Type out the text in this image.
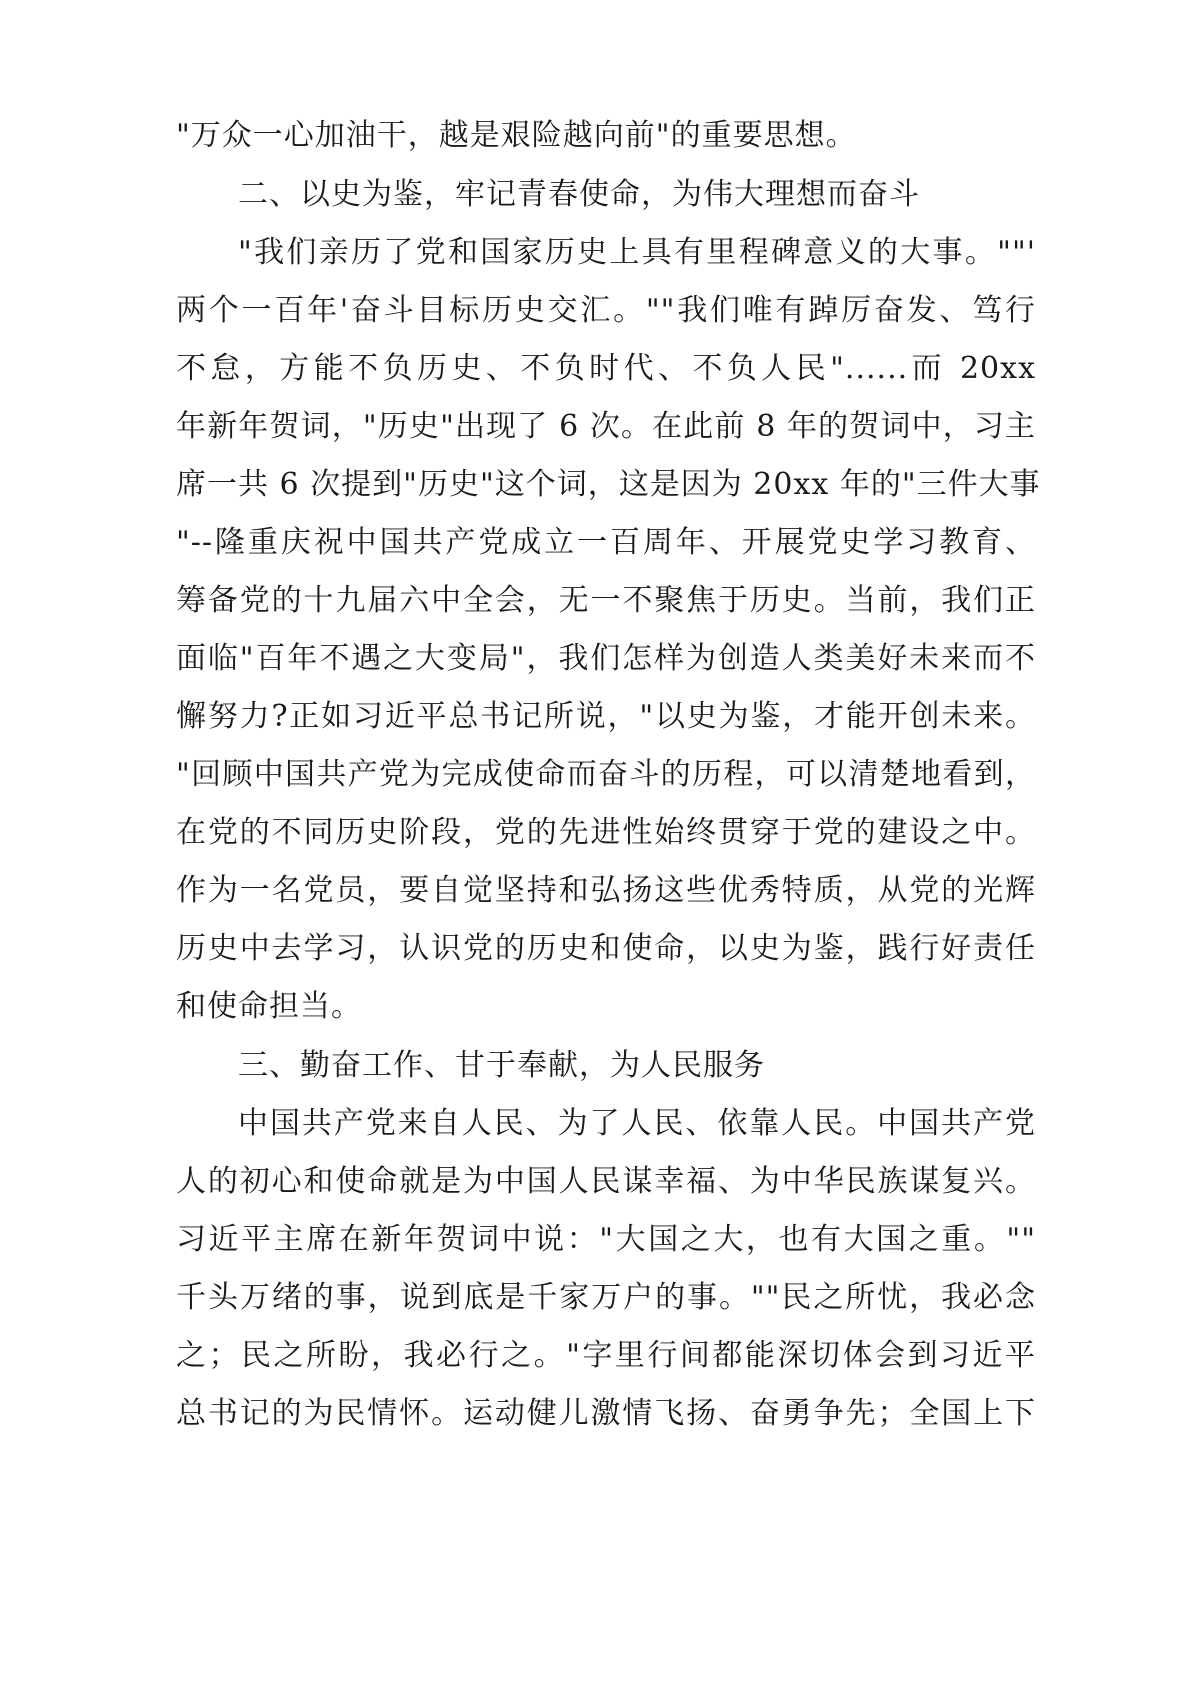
"万众一心加油干，越是艰险越向前"的重要思想。
二、以史为鉴，牢记青春使命，为伟大理想而奋斗
"我们亲历了党和国家历史上具有里程碑意义的大事。""'
两个一百年'奋斗目标历史交汇。""我们唯有踔厉奋发、笃行
不怠，方能不负历史、不负时代、不负人民"......而 20xx
年新年贺词，"历史"出现了 6 次。在此前 8 年的贺词中，习主
席一共 6 次提到"历史"这个词，这是因为 20xx 年的"三件大事
"--隆重庆祝中国共产党成立一百周年、开展党史学习教育、
筹备党的十九届六中全会，无一不聚焦于历史。当前，我们正
面临"百年不遇之大变局"，我们怎样为创造人类美好未来而不
懈努力?正如习近平总书记所说，"以史为鉴，才能开创未来。
"回顾中国共产党为完成使命而奋斗的历程，可以清楚地看到，
在党的不同历史阶段，党的先进性始终贯穿于党的建设之中。
作为一名党员，要自觉坚持和弘扬这些优秀特质，从党的光辉
历史中去学习，认识党的历史和使命，以史为鉴，践行好责任
和使命担当。
三、勤奋工作、甘于奉献，为人民服务
中国共产党来自人民、为了人民、依靠人民。中国共产党
人的初心和使命就是为中国人民谋幸福、为中华民族谋复兴。
习近平主席在新年贺词中说："大国之大，也有大国之重。""
千头万绪的事，说到底是千家万户的事。""民之所忧，我必念
之；民之所盼，我必行之。"字里行间都能深切体会到习近平
总书记的为民情怀。运动健儿激情飞扬、奋勇争先；全国上下
